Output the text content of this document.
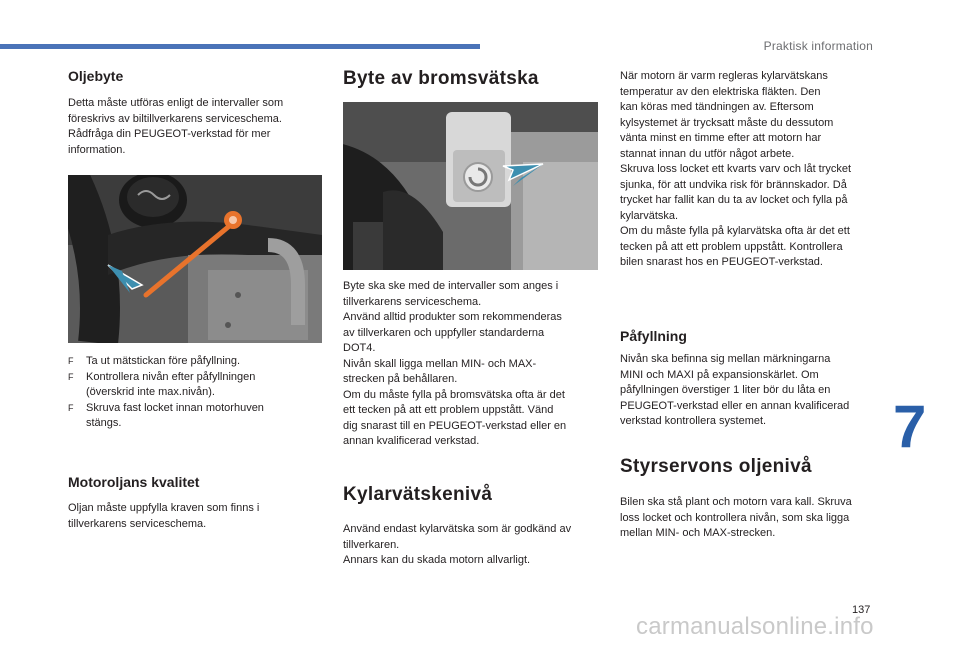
Praktisk information
Oljebyte

Detta måste utföras enligt de intervaller som
föreskrivs av biltillverkarens serviceschema.
Rådfråga din PEUGEOT-verkstad för mer
information.

F Ta ut mätstickan före påfyllning.
F Kontrollera nivån efter påfyllningen
(överskrid inte max.nivån).
F Skruva fast locket innan motorhuven
stängs.
Motoroljans kvalitet

Oljan måste uppfylla kraven som finns i
tillverkarens serviceschema.

Byte av bromsvätska

Byte ska ske med de intervaller som anges i
tillverkarens serviceschema.
Använd alltid produkter som rekommenderas
av tillverkaren och uppfyller standarderna
DOT4.
Nivån skall ligga mellan MIN- och MAX-
strecken på behållaren.
Om du måste fylla på bromsvätska ofta är det
ett tecken på att ett problem uppstått. Vänd
dig snarast till en PEUGEOT-verkstad eller en
annan kvalificerad verkstad.

Kylarvätskenivå

Använd endast kylarvätska som är godkänd av
tillverkaren.
Annars kan du skada motorn allvarligt.

När motorn är varm regleras kylarvätskans
temperatur av den elektriska fläkten. Den
kan köras med tändningen av. Eftersom
kylsystemet är trycksatt måste du dessutom
vänta minst en timme efter att motorn har
stannat innan du utför något arbete.
Skruva loss locket ett kvarts varv och låt trycket
sjunka, för att undvika risk för brännskador. Då
trycket har fallit kan du ta av locket och fylla på
kylarvätska.
Om du måste fylla på kylarvätska ofta är det ett
tecken på att ett problem uppstått. Kontrollera
bilen snarast hos en PEUGEOT-verkstad.

Påfyllning

Nivån ska befinna sig mellan märkningarna
MINI och MAXI på expansionskärlet. Om
påfyllningen överstiger 1 liter bör du låta en
PEUGEOT-verkstad eller en annan kvalificerad
verkstad kontrollera systemet.

Styrservons oljenivå

Bilen ska stå plant och motorn vara kall. Skruva
loss locket och kontrollera nivån, som ska ligga
mellan MIN- och MAX-strecken.

7
137
carmanualsonline.info
